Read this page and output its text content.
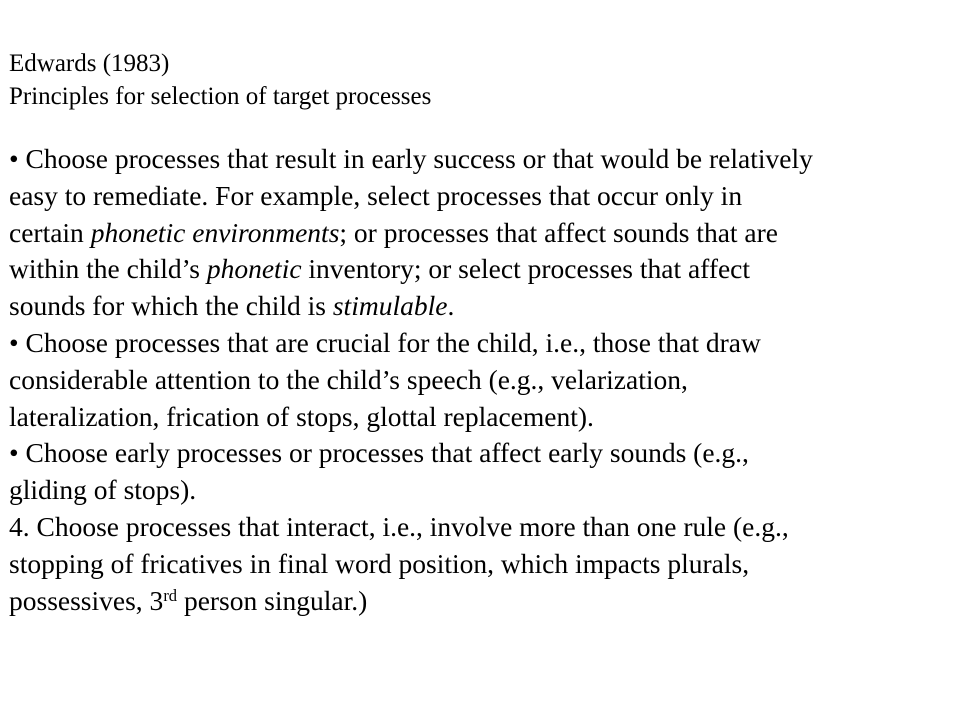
Edwards (1983)
Principles for selection of target processes
• Choose processes that result in early success or that would be relatively
easy to remediate. For example, select processes that occur only in
certain phonetic environments; or processes that affect sounds that are
within the child’s phonetic inventory; or select processes that affect
sounds for which the child is stimulable.
• Choose processes that are crucial for the child, i.e., those that draw
considerable attention to the child’s speech (e.g., velarization,
lateralization, frication of stops, glottal replacement).
• Choose early processes or processes that affect early sounds (e.g.,
gliding of stops).
4. Choose processes that interact, i.e., involve more than one rule (e.g.,
stopping of fricatives in final word position, which impacts plurals,
possessives, 3rd person singular.)
